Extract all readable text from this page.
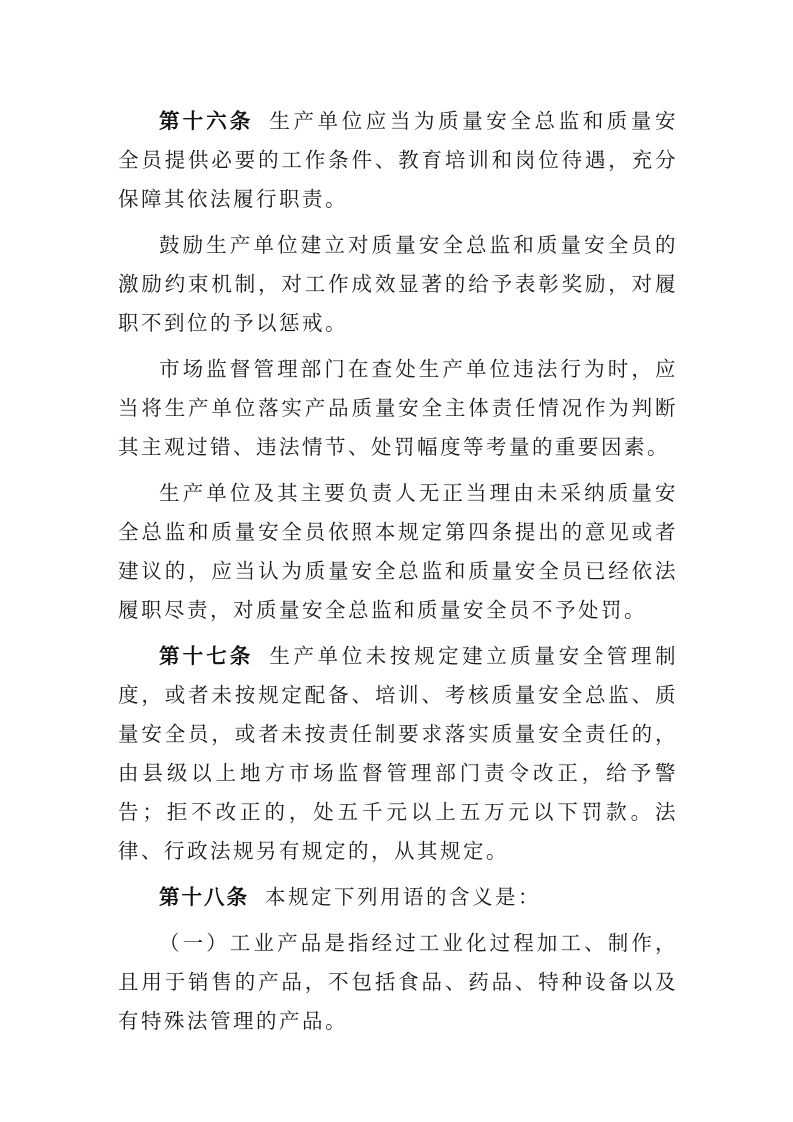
第十六条 生产单位应当为质量安全总监和质量安全员提供必要的工作条件、教育培训和岗位待遇，充分保障其依法履行职责。

鼓励生产单位建立对质量安全总监和质量安全员的激励约束机制，对工作成效显著的给予表彰奖励，对履职不到位的予以惩戒。

市场监督管理部门在查处生产单位违法行为时，应当将生产单位落实产品质量安全主体责任情况作为判断其主观过错、违法情节、处罚幅度等考量的重要因素。

生产单位及其主要负责人无正当理由未采纳质量安全总监和质量安全员依照本规定第四条提出的意见或者建议的，应当认为质量安全总监和质量安全员已经依法履职尽责，对质量安全总监和质量安全员不予处罚。

第十七条 生产单位未按规定建立质量安全管理制度，或者未按规定配备、培训、考核质量安全总监、质量安全员，或者未按责任制要求落实质量安全责任的，由县级以上地方市场监督管理部门责令改正，给予警告；拒不改正的，处五千元以上五万元以下罚款。法律、行政法规另有规定的，从其规定。

第十八条 本规定下列用语的含义是：

（一）工业产品是指经过工业化过程加工、制作，且用于销售的产品，不包括食品、药品、特种设备以及有特殊法管理的产品。
